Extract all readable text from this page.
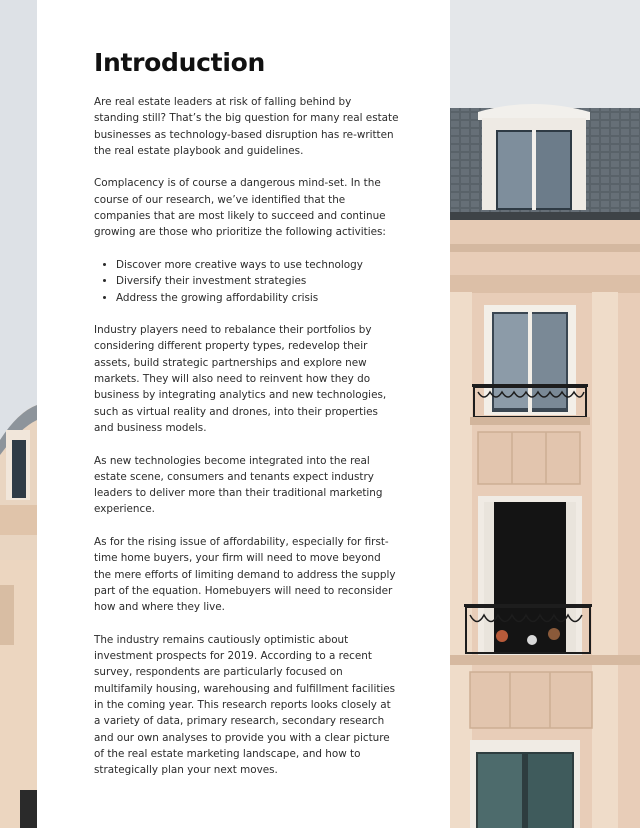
Introduction

Are real estate leaders at risk of falling behind by standing still? That’s the big question for many real estate businesses as technology-based disruption has re-written the real estate playbook and guidelines.

Complacency is of course a dangerous mind-set. In the course of our research, we’ve identified that the companies that are most likely to succeed and continue growing are those who prioritize the following activities:

• Discover more creative ways to use technology
• Diversify their investment strategies
• Address the growing affordability crisis

Industry players need to rebalance their portfolios by considering different property types, redevelop their assets, build strategic partnerships and explore new markets. They will also need to reinvent how they do business by integrating analytics and new technologies, such as virtual reality and drones, into their properties and business models.

As new technologies become integrated into the real estate scene, consumers and tenants expect industry leaders to deliver more than their traditional marketing experience.

As for the rising issue of affordability, especially for first-time home buyers, your firm will need to move beyond the mere efforts of limiting demand to address the supply part of the equation. Homebuyers will need to reconsider how and where they live.

The industry remains cautiously optimistic about investment prospects for 2019. According to a recent survey, respondents are particularly focused on multifamily housing, warehousing and fulfillment facilities in the coming year. This research reports looks closely at a variety of data, primary research, secondary research and our own analyses to provide you with a clear picture of the real estate marketing landscape, and how to strategically plan your next moves.
